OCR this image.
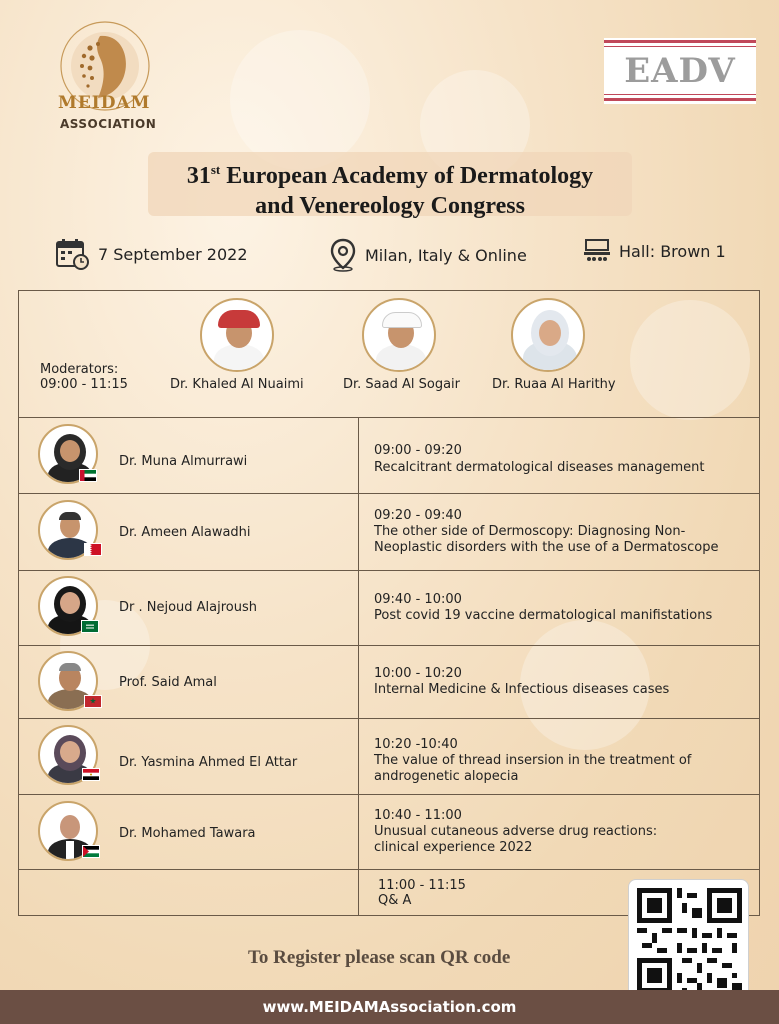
MEIDAM
ASSOCIATION
EADV
31st European Academy of Dermatology
and Venereology Congress
7 September 2022	Milan, Italy & Online	Hall: Brown 1
Moderators:
09:00 - 11:15	Dr. Khaled Al Nuaimi	Dr. Saad Al Sogair Dr. Ruaa Al Harithy
Dr. Muna Almurrawi
09:00 - 09:20
Recalcitrant dermatological diseases management
Dr. Ameen Alawadhi
09:20 - 09:40
The other side of Dermoscopy: Diagnosing Non-
Neoplastic disorders with the use of a Dermatoscope
Dr . Nejoud Alajroush
09:40 - 10:00
Post covid 19 vaccine dermatological manifistations
Prof. Said Amal
10:00 - 10:20
Internal Medicine & Infectious diseases cases
Dr. Yasmina Ahmed El Attar
10:20 -10:40
The value of thread insersion in the treatment of
androgenetic alopecia
Dr. Mohamed Tawara
10:40 - 11:00
Unusual cutaneous adverse drug reactions:
clinical experience 2022
11:00 - 11:15
Q& A
To Register please scan QR code
www.MEIDAMAssociation.com
